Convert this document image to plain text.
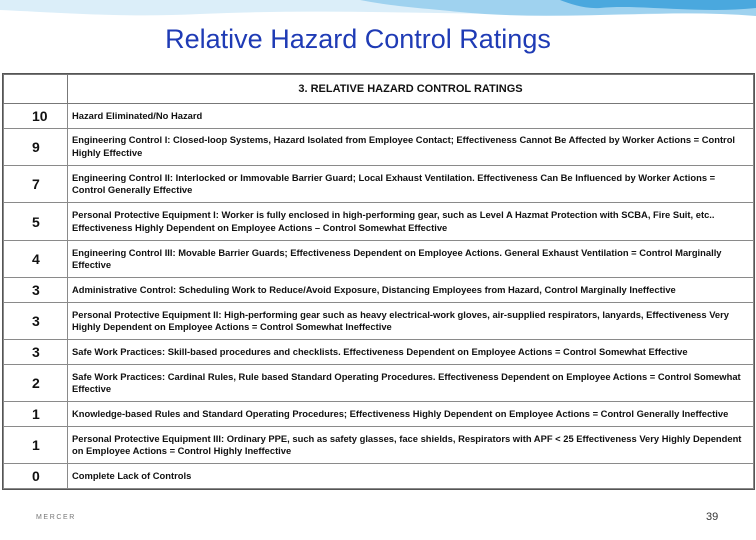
Relative Hazard Control Ratings
	3. RELATIVE HAZARD CONTROL RATINGS
10	Hazard Eliminated/No Hazard
9	Engineering Control I: Closed-loop Systems, Hazard Isolated from Employee Contact; Effectiveness Cannot Be Affected by Worker Actions = Control Highly Effective
7	Engineering Control II: Interlocked or Immovable Barrier Guard; Local Exhaust Ventilation. Effectiveness Can Be Influenced by Worker Actions = Control Generally Effective
5	Personal Protective Equipment I: Worker is fully enclosed in high-performing gear, such as Level A Hazmat Protection with SCBA, Fire Suit, etc.. Effectiveness Highly Dependent on Employee Actions – Control Somewhat Effective
4	Engineering Control III: Movable Barrier Guards; Effectiveness Dependent on Employee Actions. General Exhaust Ventilation = Control Marginally Effective
3	Administrative Control: Scheduling Work to Reduce/Avoid Exposure, Distancing Employees from Hazard, Control Marginally Ineffective
3	Personal Protective Equipment II: High-performing gear such as heavy electrical-work gloves, air-supplied respirators, lanyards, Effectiveness Very Highly Dependent on Employee Actions = Control Somewhat Ineffective
3	Safe Work Practices: Skill-based procedures and checklists. Effectiveness Dependent on Employee Actions = Control Somewhat Effective
2	Safe Work Practices: Cardinal Rules, Rule based Standard Operating Procedures. Effectiveness Dependent on Employee Actions = Control Somewhat Effective
1	Knowledge-based Rules and Standard Operating Procedures; Effectiveness Highly Dependent on Employee Actions = Control Generally Ineffective
1	Personal Protective Equipment III: Ordinary PPE, such as safety glasses, face shields, Respirators with APF < 25 Effectiveness Very Highly Dependent on Employee Actions = Control Highly Ineffective
0	Complete Lack of Controls
MERCER	39
